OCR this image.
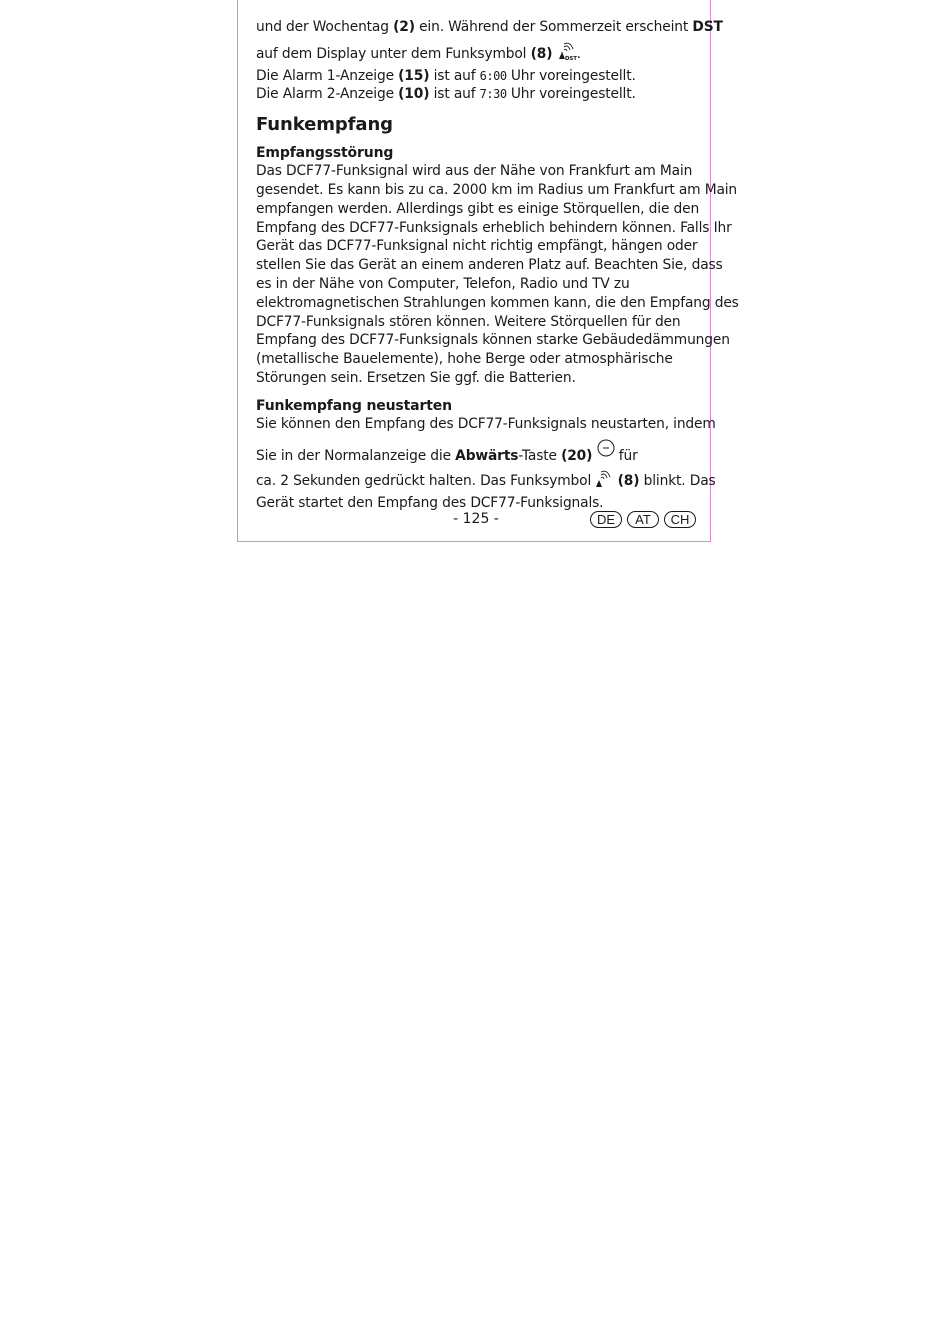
und der Wochentag (2) ein. Während der Sommerzeit erscheint DST
auf dem Display unter dem Funksymbol (8) DST .
Die Alarm 1-Anzeige (15) ist auf 6:00 Uhr voreingestellt.
Die Alarm 2-Anzeige (10) ist auf 7:30 Uhr voreingestellt.
Funkempfang
Empfangsstörung
Das DCF77-Funksignal wird aus der Nähe von Frankfurt am Main
gesendet. Es kann bis zu ca. 2000 km im Radius um Frankfurt am Main
empfangen werden. Allerdings gibt es einige Störquellen, die den
Empfang des DCF77-Funksignals erheblich behindern können. Falls Ihr
Gerät das DCF77-Funksignal nicht richtig empfängt, hängen oder
stellen Sie das Gerät an einem anderen Platz auf. Beachten Sie, dass
es in der Nähe von Computer, Telefon, Radio und TV zu
elektromagnetischen Strahlungen kommen kann, die den Empfang des
DCF77-Funksignals stören können. Weitere Störquellen für den
Empfang des DCF77-Funksignals können starke Gebäudedämmungen
(metallische Bauelemente), hohe Berge oder atmosphärische
Störungen sein. Ersetzen Sie ggf. die Batterien.
Funkempfang neustarten
Sie können den Empfang des DCF77-Funksignals neustarten, indem
Sie in der Normalanzeige die Abwärts-Taste (20)  für
ca. 2 Sekunden gedrückt halten. Das Funksymbol  (8) blinkt. Das
Gerät startet den Empfang des DCF77-Funksignals.
- 125 -	DE	AT	CH
